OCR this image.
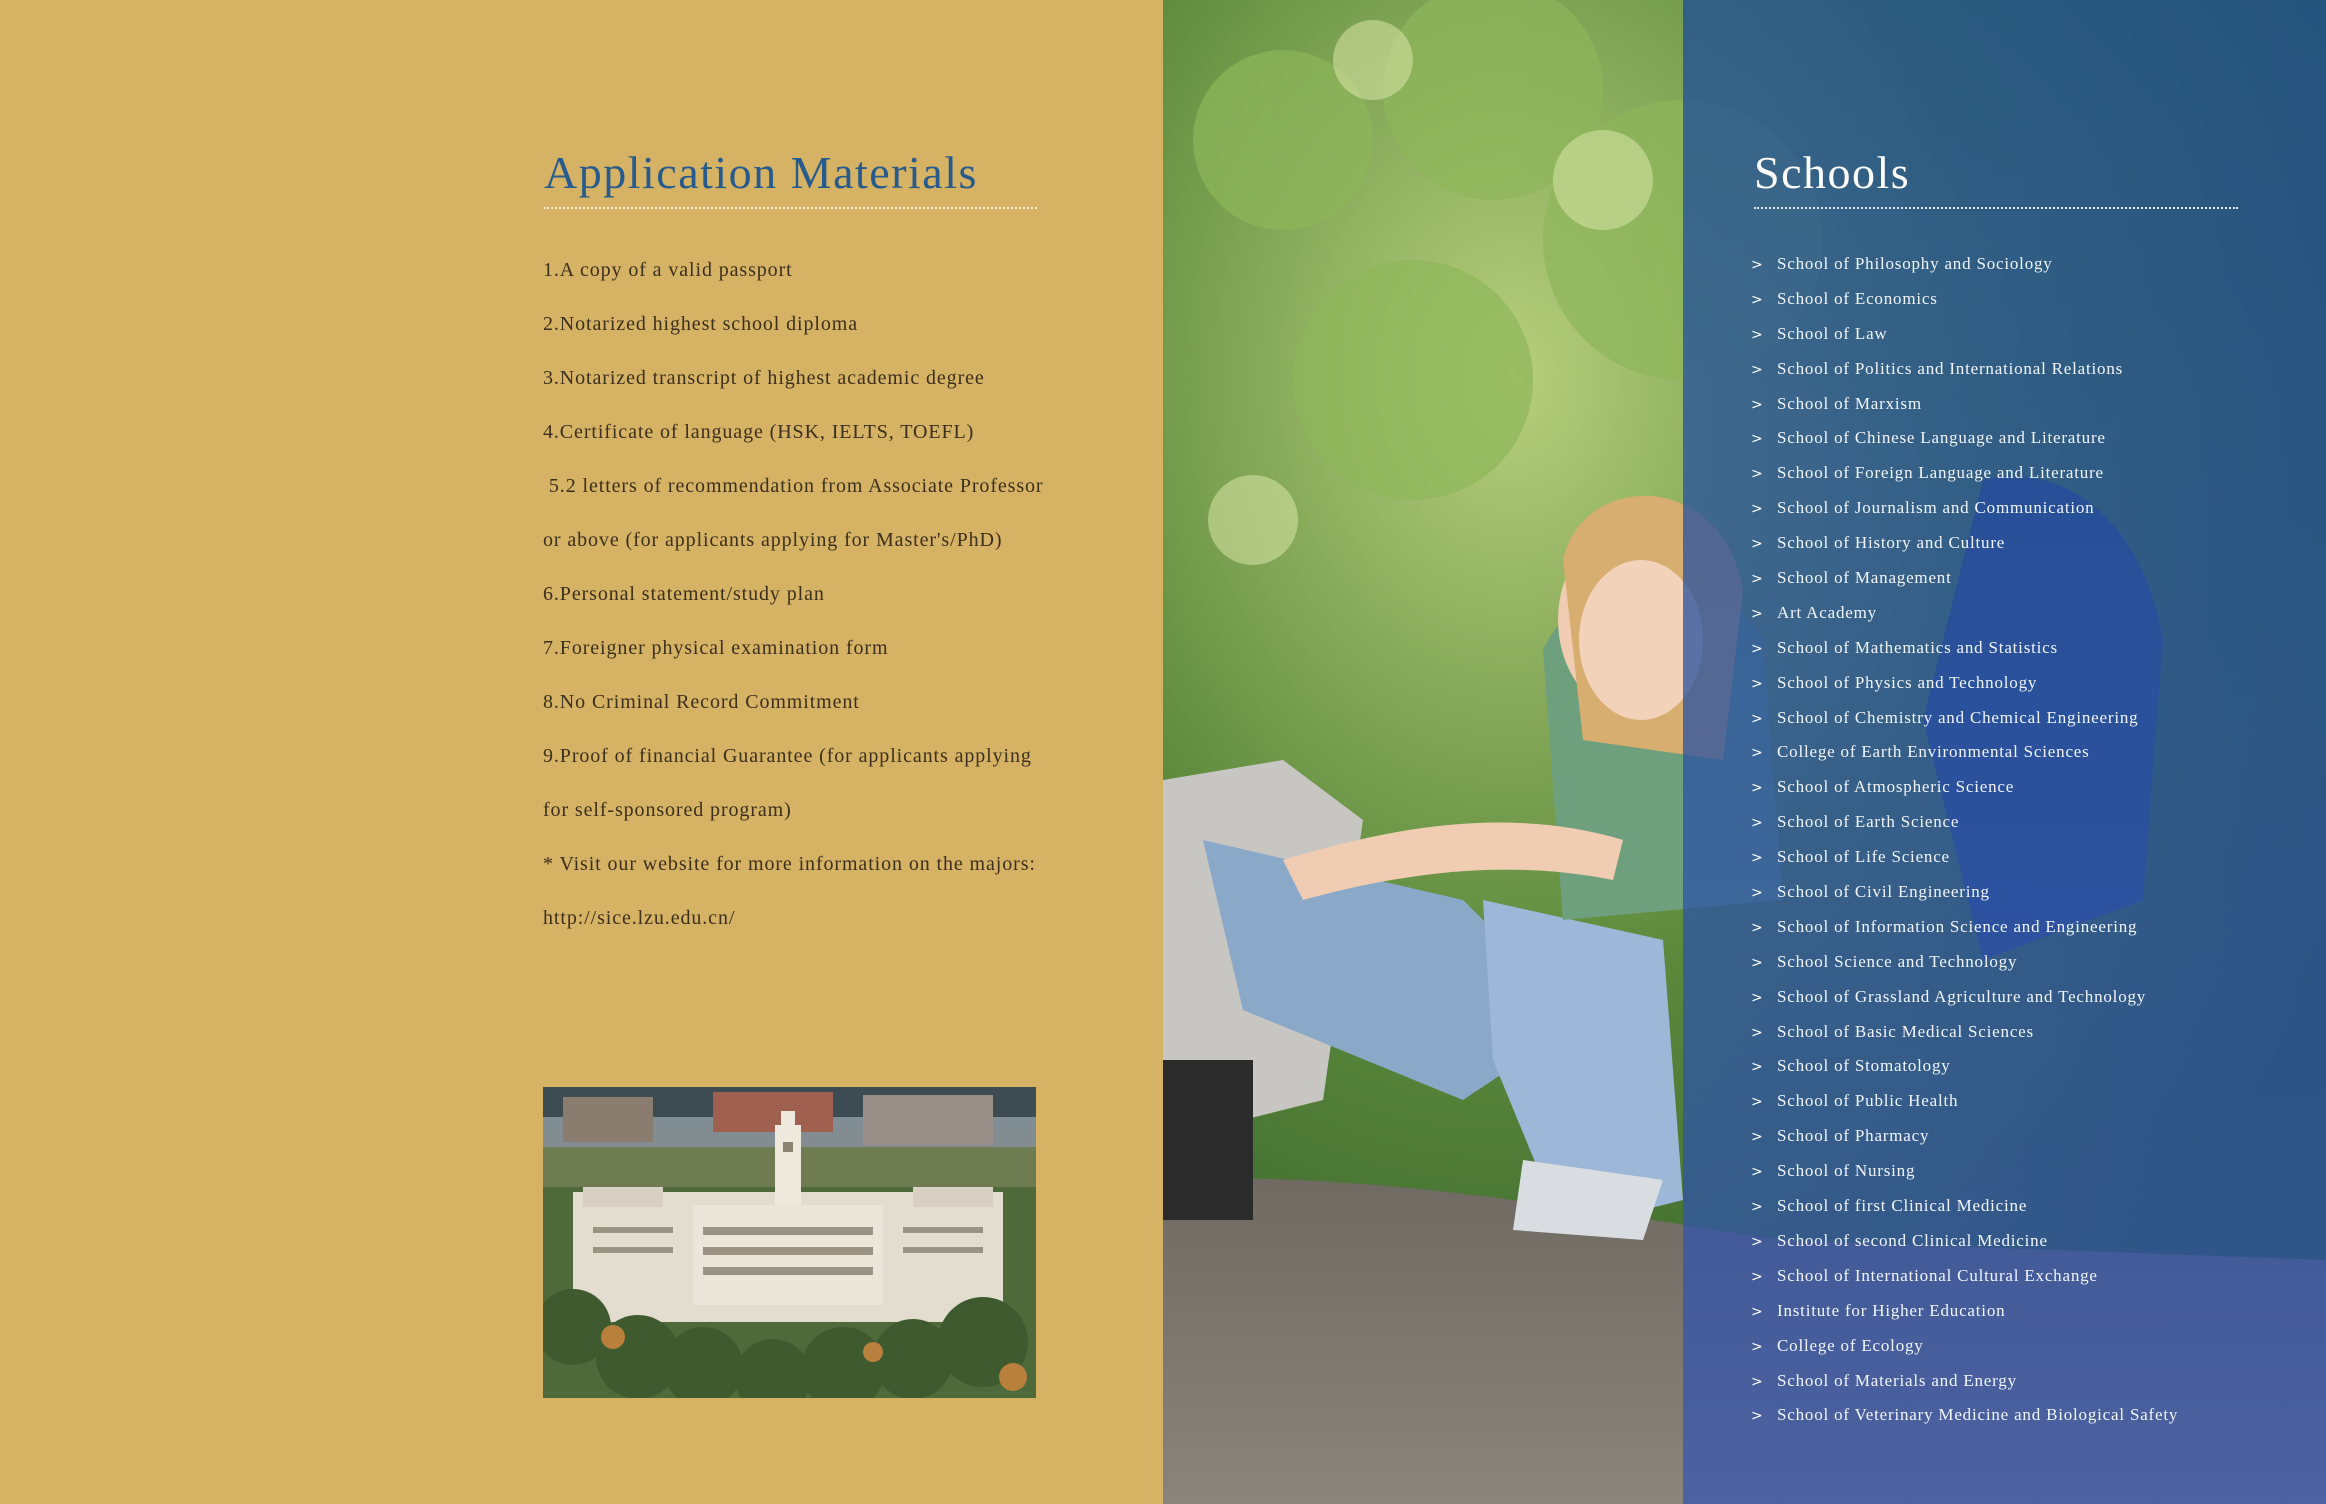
Application Materials
1.A copy of a valid passport
2.Notarized highest school diploma
3.Notarized transcript of highest academic degree
4.Certificate of language (HSK, IELTS, TOEFL)
5.2 letters of recommendation from Associate Professor
or above (for applicants applying for Master's/PhD)
6.Personal statement/study plan
7.Foreigner physical examination form
8.No Criminal Record Commitment
9.Proof of financial Guarantee (for applicants applying
for self-sponsored program)
* Visit our website for more information on the majors:
http://sice.lzu.edu.cn/
Schools
> School of Philosophy and Sociology
> School of Economics
> School of Law
> School of Politics and International Relations
> School of Marxism
> School of Chinese Language and Literature
> School of Foreign Language and Literature
> School of Journalism and Communication
> School of History and Culture
> School of Management
> Art Academy
> School of Mathematics and Statistics
> School of Physics and Technology
> School of Chemistry and Chemical Engineering
> College of Earth Environmental Sciences
> School of Atmospheric Science
> School of Earth Science
> School of Life Science
> School of Civil Engineering
> School of Information Science and Engineering
> School Science and Technology
> School of Grassland Agriculture and Technology
> School of Basic Medical Sciences
> School of Stomatology
> School of Public Health
> School of Pharmacy
> School of Nursing
> School of first Clinical Medicine
> School of second Clinical Medicine
> School of International Cultural Exchange
> Institute for Higher Education
> College of Ecology
> School of Materials and Energy
> School of Veterinary Medicine and Biological Safety
